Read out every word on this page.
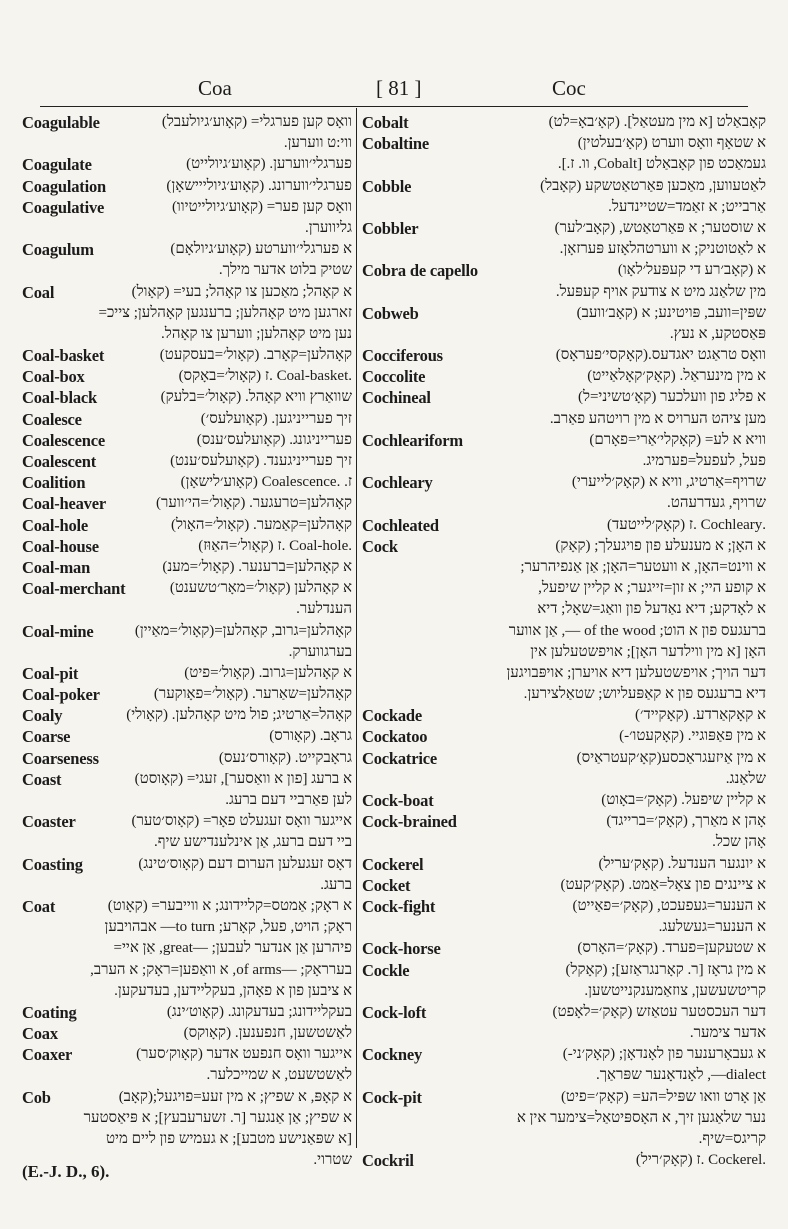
Coa	[ 81 ]	Coc
Coagulable	וואָס קען פערגלי= (קאָוע׳גיולעבל)
ווי:ט ווערען.
Coagulate	פערגלי׳ווערען. (קאָוע׳גיולייט)
Coagulation	פערגלי׳ווערונג. (קאָוע׳גיולייישאָן)
Coagulative	וואָס קען פער= (קאָוע׳גיולייטיוו)
גליווערן.
Coagulum	א פערגלי׳ווערטע (קאָוע׳גיולאָם)
שטיק בלוט אדער מילך.
Coal	א קאָהל; מאַכען צו קאָהל; בעי= (קאָול)
זארגען מיט קאָהלען; ברענגען קאָהלען; צייכ=
נען מיט קאָהלען; ווערען צו קאָהל.
Coal-basket	קאָהלען=קאָרב. (קאָול׳=בעסקעט)
Coal-box	.Coal-basket .ז (קאָול׳=באָקס)
Coal-black	שוואַרץ וויא קאָהל. (קאָול׳=בלעק)
Coalesce	זיך פערייניגען. (קאָועלעס׳)
Coalescence	פערייניגונג. (קאָועלעס׳ענס)
Coalescent	זיך פערייניגענד. (קאָועלעס׳ענט)
Coalition	ז. .Coalescence (קאָוע׳לישאָן)
Coal-heaver	קאָהלען=טרעגער. (קאָול׳=הי׳ווער)
Coal-hole	קאָהלען=קאַמער. (קאָול׳=האָול)
Coal-house	.Coal-hole .ז (קאָול׳=האַוּז)
Coal-man	א קאָהלען=ברענער. (קאָול׳=מענ)
Coal-merchant	א קאָהלען (קאָול׳=מאָר׳טשענט)
הענדלער.
Coal-mine	קאָהלען=גרוב, קאָהלען=(קאָול׳=מאַיין)
בערגווערק.
Coal-pit	א קאָהלען=גרוב. (קאָול׳=פיט)
Coal-poker	קאָהלען=שאַרער. (קאָול׳=פאָוקער)
Coaly	קאָהל=אַרטיג; פול מיט קאָהלען. (קאָולי)
Coarse	גראָב. (קאָורס)
Coarseness	גראָבקייט. (קאָורס׳נעס)
Coast	א ברעג [פון א וואַסער], זעגי= (קאָוסט)
לען פאַרביי דעם ברעג.
Coaster	אייגער וואָס זעגעלט פאָר= (קאָוס׳טער)
ביי דעם ברעג, אַן אינלענדישע שיף.
Coasting	דאָס זעגעלען הערום דעם (קאָוס׳טינג)
ברעג.
Coat	א ראָק; אַמטס=קליידונג; א ווייבער= (קאָוט)
ראָק; הויט, פעל, קאָרע; to turn— אבהויבען
פיהרען אַן אנדער לעבען; —great, אַן איי=
בערראָק; —of arms, א וואַפען=ראָק; א הערב,
א ציבען פון א פאָהן, בעקליידען, בעדעקען.
Coating	בעקליידונג; בעדעקונג. (קאָוט׳ינג)
Coax	לאַשטשען, חנפענען. (קאָוקס)
Coaxer	אייגער וואָס חנפעט אדער (קאָוק׳סער)
לאַשטשעט, א שמייכלער.
Cob	א קאָפּ, א שפיץ; א מין זעע=פויגעל;(קאָב)
א שפיץ; אַן אַנגער [ר. זשערעבעץ]; א פּיאַסטער
[א שפּאַנישע מטבע]; א געמיש פון ליים מיט
שטרוי.
Cobalt	קאָבאַלט [א מין מעטאַל]. (קאָ׳באָ=לט)
Cobaltine	א שטאָף וואָס ווערט (קאָ׳בעלטין)
געמאַכט פון קאָבאַלט [Cobalt, וו. ז.].
Cobble	לאַטעווען, מאַכען פּאַרטאַטשקע (קאָבל)
אַרבייט; א זאַמד=שטיינדעל.
Cobbler	א שוסטער; א פּאַרטאַטש, (קאָב׳לער)
א לאַטוטניק; א ווערטהלאָזע פּערזאָן.
Cobra de capello	א (קאָב׳רע די קעפּעל׳לאָו)
מין שלאַנג מיט א צודעק אויף קעפּעל.
Cobweb	שפּין=וועב, פּויטינע; א (קאָב׳וועב)
פּאַסטקע, א נעץ.
Cocciferous	וואָס טראַגט יאגדעס.(קאָקסי׳פעראָס)
Coccolite	א מין מינעראַל. (קאָק׳קאָלאַייט)
Cochineal	א פליג פון וועלכער (קאָ׳טשיני=ל)
מען ציהט הערויס א מין רויטהע פאַרב.
Cochleariform	וויא א לע= (קאָקלי׳אַרי=פאָרם)
פעל, לעפעל=פערמיג.
Cochleary	שרויף=אַרטיג, וויא א (קאָק׳לייערי)
שרויף, געדרעהט.
Cochleated	.Cochleary .ז (קאָק׳לייטעד)
Cock	א האָן; א מענעלע פון פויגעלך; (קאָק)
א ווינט=האָן, א וועטער=האָן; אַן אַנפיהרער;
א קופע היי; א זון=זייגער; א קליין שיפעל,
א לאָדקע; דיא נאַדעל פון וואַג=שאָל; דיא
ברעגעס פון א הוט; of the wood —, אַן אווער
האָן [א מין ווילדער האָן]; אויפשטעלען אין
דער הויך; אויפשטעלען דיא אויערן; אויפּבויגען
דיא ברעגעס פון א קאַפּעליוש; שטאַלצירען.
Cockade	א קאָקאַרדע. (קאָקייד׳)
Cockatoo	א מין פּאַפּוגיי. (קאָקעטו׳-)
Cockatrice	א מין אַיזעגראַכסע(קאָ׳קעטראַיס)
שלאַנג.
Cock-boat	א קליין שיפעל. (קאָק׳=באָוט)
Cock-brained	אָהן א מאַרך, (קאָק׳=ברייגד)
אָהן שכל.
Cockerel	א יונגער הענדעל. (קאָק׳עריל)
Cocket	א ציינגים פון צאָל=אַמט. (קאָק׳קעט)
Cock-fight	א הענער=געפעכט, (קאָק׳=פאַייט)
א הענער=געשלעג.
Cock-horse	א שטעקען=פערד. (קאָק׳=האָרס)
Cockle	א מין גראָז [ר. קאָרנגראַזע]; (קאָקל)
קריטשעשען, צוזאַמענקנייטשען.
Cock-loft	דער העכסטער עטאַזש (קאָק׳=לאָפט)
אדער צימער.
Cockney	א געבאָרענער פון לאָנדאָן; (קאָק׳ני-)
dialect—, לאָנדאָנער שפּראַך.
Cock-pit	אַן אָרט וואו שפּיל=הע= (קאָק׳=פיט)
נער שלאַגען זיך, א האָספּיטאַל=צימער אין א
קריגס=שיף.
Cockril	.Cockerel .ז (קאָק׳ריל)
(E.-J. D., 6).
